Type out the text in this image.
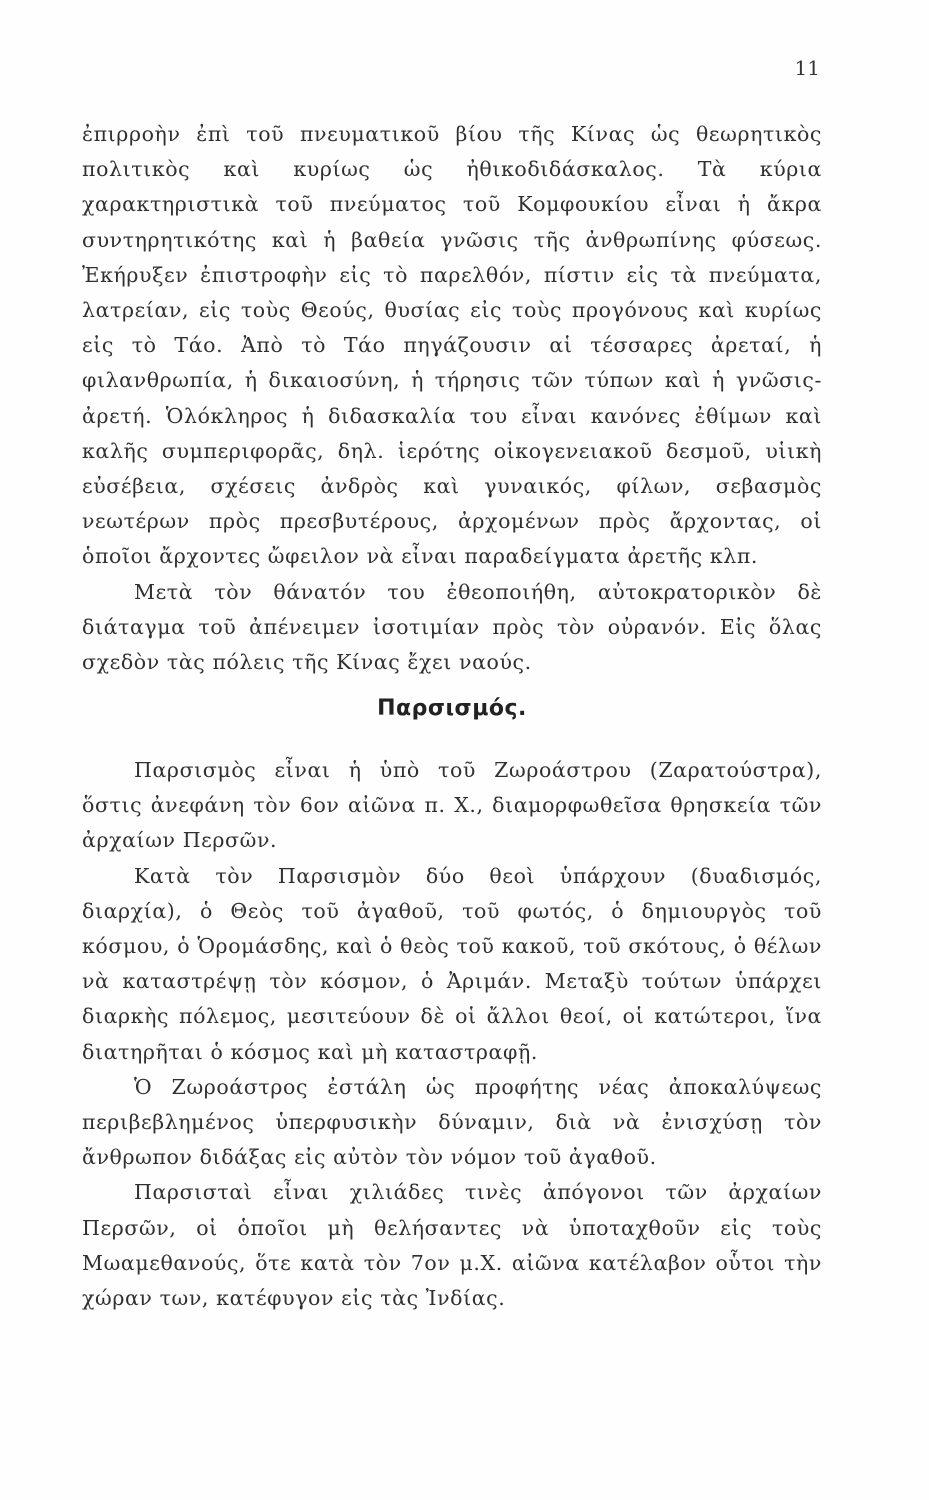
11

ἐπιρροὴν ἐπὶ τοῦ πνευματικοῦ βίου τῆς Κίνας ὡς θεωρητικὸς πολιτικὸς καὶ κυρίως ὡς ἠθικοδιδάσκαλος. Τὰ κύρια χαρακτηριστικὰ τοῦ πνεύματος τοῦ Κομφουκίου εἶναι ἡ ἄκρα συντηρητικότης καὶ ἡ βαθεία γνῶσις τῆς ἀνθρωπίνης φύσεως. Ἐκήρυξεν ἐπιστροφὴν εἰς τὸ παρελθόν, πίστιν εἰς τὰ πνεύματα, λατρείαν, εἰς τοὺς Θεούς, θυσίας εἰς τοὺς προγόνους καὶ κυρίως εἰς τὸ Τάο. Ἀπὸ τὸ Τάο πηγάζουσιν αἱ τέσσαρες ἀρεταί, ἡ φιλανθρωπία, ἡ δικαιοσύνη, ἡ τήρησις τῶν τύπων καὶ ἡ γνῶσις-ἀρετή. Ὁλόκληρος ἡ διδασκαλία του εἶναι κανόνες ἐθίμων καὶ καλῆς συμπεριφορᾶς, δηλ. ἱερότης οἰκογενειακοῦ δεσμοῦ, υἱικὴ εὐσέβεια, σχέσεις ἀνδρὸς καὶ γυναικός, φίλων, σεβασμὸς νεωτέρων πρὸς πρεσβυτέρους, ἀρχομένων πρὸς ἄρχοντας, οἱ ὁποῖοι ἄρχοντες ὤφειλον νὰ εἶναι παραδείγματα ἀρετῆς κλπ.

Μετὰ τὸν θάνατόν του ἐθεοποιήθη, αὐτοκρατορικὸν δὲ διάταγμα τοῦ ἀπένειμεν ἰσοτιμίαν πρὸς τὸν οὐρανόν. Εἰς ὅλας σχεδὸν τὰς πόλεις τῆς Κίνας ἔχει ναούς.

Παρσισμός.

Παρσισμὸς εἶναι ἡ ὑπὸ τοῦ Ζωροάστρου (Ζαρατούστρα), ὅστις ἀνεφάνη τὸν 6ον αἰῶνα π. Χ., διαμορφωθεῖσα θρησκεία τῶν ἀρχαίων Περσῶν.

Κατὰ τὸν Παρσισμὸν δύο θεοὶ ὑπάρχουν (δυαδισμός, διαρχία), ὁ Θεὸς τοῦ ἀγαθοῦ, τοῦ φωτός, ὁ δημιουργὸς τοῦ κόσμου, ὁ Ὁρομάσδης, καὶ ὁ θεὸς τοῦ κακοῦ, τοῦ σκότους, ὁ θέλων νὰ καταστρέψῃ τὸν κόσμον, ὁ Ἀριμάν. Μεταξὺ τούτων ὑπάρχει διαρκὴς πόλεμος, μεσιτεύουν δὲ οἱ ἄλλοι θεοί, οἱ κατώτεροι, ἵνα διατηρῆται ὁ κόσμος καὶ μὴ καταστραφῇ.

Ὁ Ζωροάστρος ἐστάλη ὡς προφήτης νέας ἀποκαλύψεως περιβεβλημένος ὑπερφυσικὴν δύναμιν, διὰ νὰ ἐνισχύσῃ τὸν ἄνθρωπον διδάξας εἰς αὐτὸν τὸν νόμον τοῦ ἀγαθοῦ.

Παρσισταὶ εἶναι χιλιάδες τινὲς ἀπόγονοι τῶν ἀρχαίων Περσῶν, οἱ ὁποῖοι μὴ θελήσαντες νὰ ὑποταχθοῦν εἰς τοὺς Μωαμεθανούς, ὅτε κατὰ τὸν 7ον μ.Χ. αἰῶνα κατέλαβον οὗτοι τὴν χώραν των, κατέφυγον εἰς τὰς Ἰνδίας.
